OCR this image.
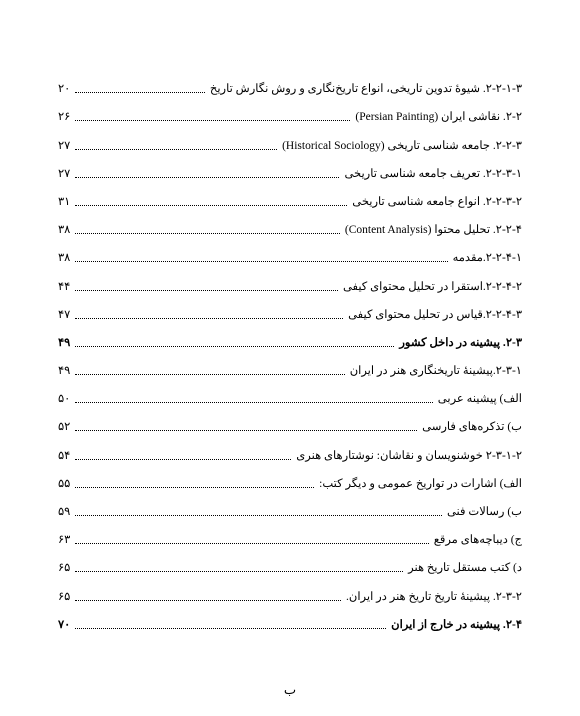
۲-۲-۱-۳. شیوۀ تدوین تاریخی، انواع تاریخ‌نگاری و روش نگارش تاریخ
۲۰
۲-۲. نقاشی ایران (Persian Painting)
۲۶
۲-۲-۳. جامعه شناسی تاریخی (Historical Sociology)
۲۷
۲-۲-۳-۱. تعریف جامعه شناسی تاریخی
۲۷
۲-۲-۳-۲. انواع جامعه شناسی تاریخی
۳۱
۲-۲-۴. تحلیل محتوا (Content Analysis)
۳۸
۲-۲-۴-۱.مقدمه
۳۸
۲-۲-۴-۲.استقرا در تحلیل محتوای کیفی
۴۴
۲-۲-۴-۳.قیاس در تحلیل محتوای کیفی
۴۷
۲-۳. پیشینه در داخل کشور
۴۹
۲-۳-۱.پیشینۀ تاریخنگاری هنر در ایران
۴۹
الف) پیشینه عربی
۵۰
ب) تذکره‌های فارسی
۵۲
۲-۳-۱-۲ خوشنویسان و نقاشان: نوشتارهای هنری
۵۴
الف) اشارات در تواریخ عمومی و دیگر کتب:
۵۵
ب) رسالات فنی
۵۹
ج) دیباچه‌های مرقع
۶۳
د) کتب مستقل تاریخ هنر
۶۵
۲-۳-۲. پیشینۀ تاریخ تاریخ هنر در ایران.
۶۵
۲-۴. پیشینه در خارج از ایران
۷۰
ب
